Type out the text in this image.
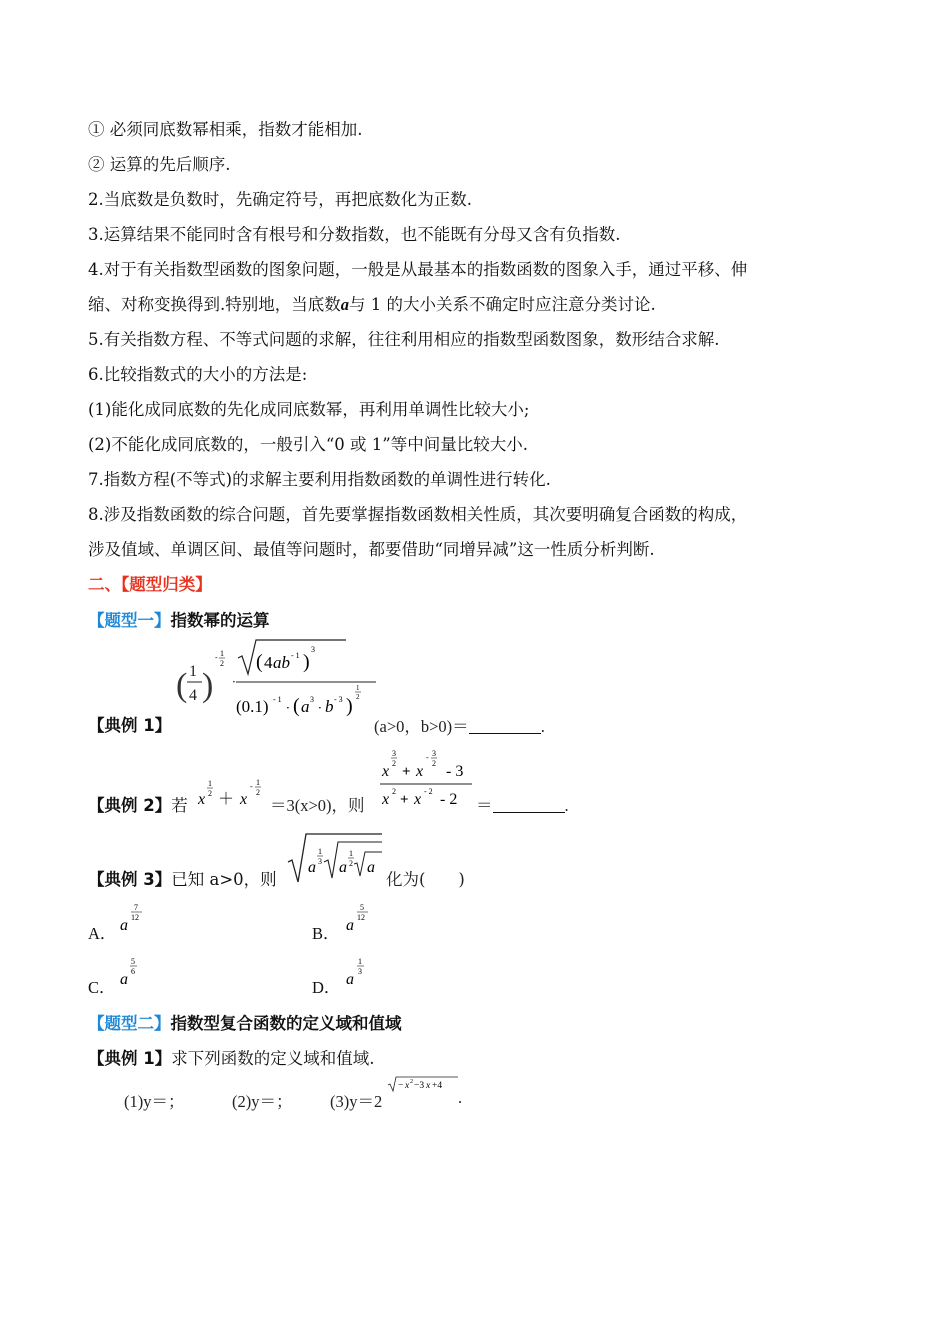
① 必须同底数幂相乘，指数才能相加.
② 运算的先后顺序.
2.当底数是负数时，先确定符号，再把底数化为正数.
3.运算结果不能同时含有根号和分数指数，也不能既有分母又含有负指数.
4.对于有关指数型函数的图象问题，一般是从最基本的指数函数的图象入手，通过平移、伸
缩、对称变换得到.特别地，当底数a与 1 的大小关系不确定时应注意分类讨论.
5.有关指数方程、不等式问题的求解，往往利用相应的指数型函数图象，数形结合求解.
6.比较指数式的大小的方法是:
(1)能化成同底数的先化成同底数幂，再利用单调性比较大小;
(2)不能化成同底数的，一般引入“0 或 1”等中间量比较大小.
7.指数方程(不等式)的求解主要利用指数函数的单调性进行转化.
8.涉及指数函数的综合问题，首先要掌握指数函数相关性质，其次要明确复合函数的构成，
涉及值域、单调区间、最值等问题时，都要借助“同增异减”这一性质分析判断.
二、【题型归类】
【题型一】指数幂的运算
【典例 1】
( 1
4 )
- 1
2
·
( 4 ab - 1 )
3
(0.1) - 1
· ( a 3
· b - 3 )
1
2
(a>0，b>0)＝	.
【典例 2】若 x
1
2 ＋ x
- 1
2
＝3(x>0)，则
x
3
2
+ x
- 3
2 - 3
x 2
+ x - 2 - 2 ＝	.
【典例 3】已知 a>0，则
a
1
3 a
1
2 a
化为(　　)
A． a
7
12
B． a
5
12
C． a
5
6
D． a
1
3
【题型二】指数型复合函数的定义域和值域
【典例 1】求下列函数的定义域和值域.
(1)y＝；	(2)y＝； (3)y＝2
− x 2 −3 x +4
.
